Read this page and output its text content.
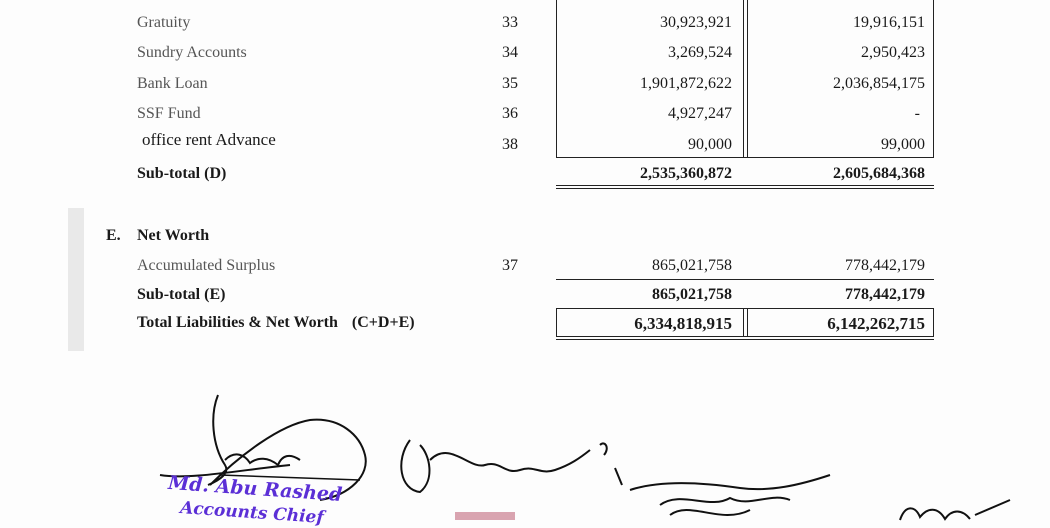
Gratuity	33	30,923,921	19,916,151
Sundry Accounts	34	3,269,524	2,950,423
Bank Loan	35	1,901,872,622	2,036,854,175
SSF Fund	36	4,927,247	-
office rent Advance	38	90,000	99,000
Sub-total (D)	2,535,360,872	2,605,684,368
E. Net Worth
Accumulated Surplus	37	865,021,758	778,442,179
Sub-total (E)	865,021,758	778,442,179
Total Liabilities & Net Worth (C+D+E)	6,334,818,915	6,142,262,715
Md. Abu Rashed
Accounts Chief
